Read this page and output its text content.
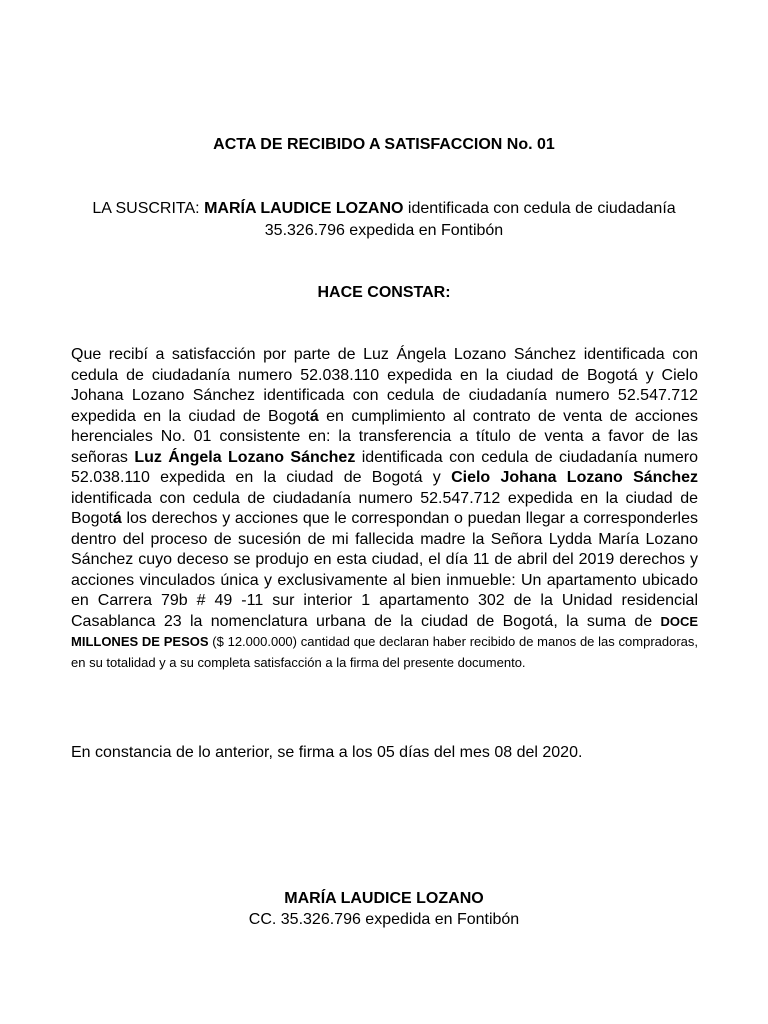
ACTA DE RECIBIDO A SATISFACCION No. 01

LA SUSCRITA: MARÍA LAUDICE LOZANO identificada con cedula de ciudadanía 35.326.796 expedida en Fontibón

HACE CONSTAR:

Que recibí a satisfacción por parte de Luz Ángela Lozano Sánchez identificada con cedula de ciudadanía numero 52.038.110 expedida en la ciudad de Bogotá y Cielo Johana Lozano Sánchez identificada con cedula de ciudadanía numero 52.547.712 expedida en la ciudad de Bogotá en cumplimiento al contrato de venta de acciones herenciales No. 01 consistente en: la transferencia a título de venta a favor de las señoras Luz Ángela Lozano Sánchez identificada con cedula de ciudadanía numero 52.038.110 expedida en la ciudad de Bogotá y Cielo Johana Lozano Sánchez identificada con cedula de ciudadanía numero 52.547.712 expedida en la ciudad de Bogotá los derechos y acciones que le correspondan o puedan llegar a corresponderles dentro del proceso de sucesión de mi fallecida madre la Señora Lydda María Lozano Sánchez cuyo deceso se produjo en esta ciudad, el día 11 de abril del 2019 derechos y acciones vinculados única y exclusivamente al bien inmueble: Un apartamento ubicado en Carrera 79b # 49 -11 sur interior 1 apartamento 302 de la Unidad residencial Casablanca 23 la nomenclatura urbana de la ciudad de Bogotá, la suma de DOCE MILLONES DE PESOS ($ 12.000.000) cantidad que declaran haber recibido de manos de las compradoras, en su totalidad y a su completa satisfacción a la firma del presente documento.

En constancia de lo anterior, se firma a los 05 días del mes 08 del 2020.

MARÍA LAUDICE LOZANO

CC. 35.326.796 expedida en Fontibón
